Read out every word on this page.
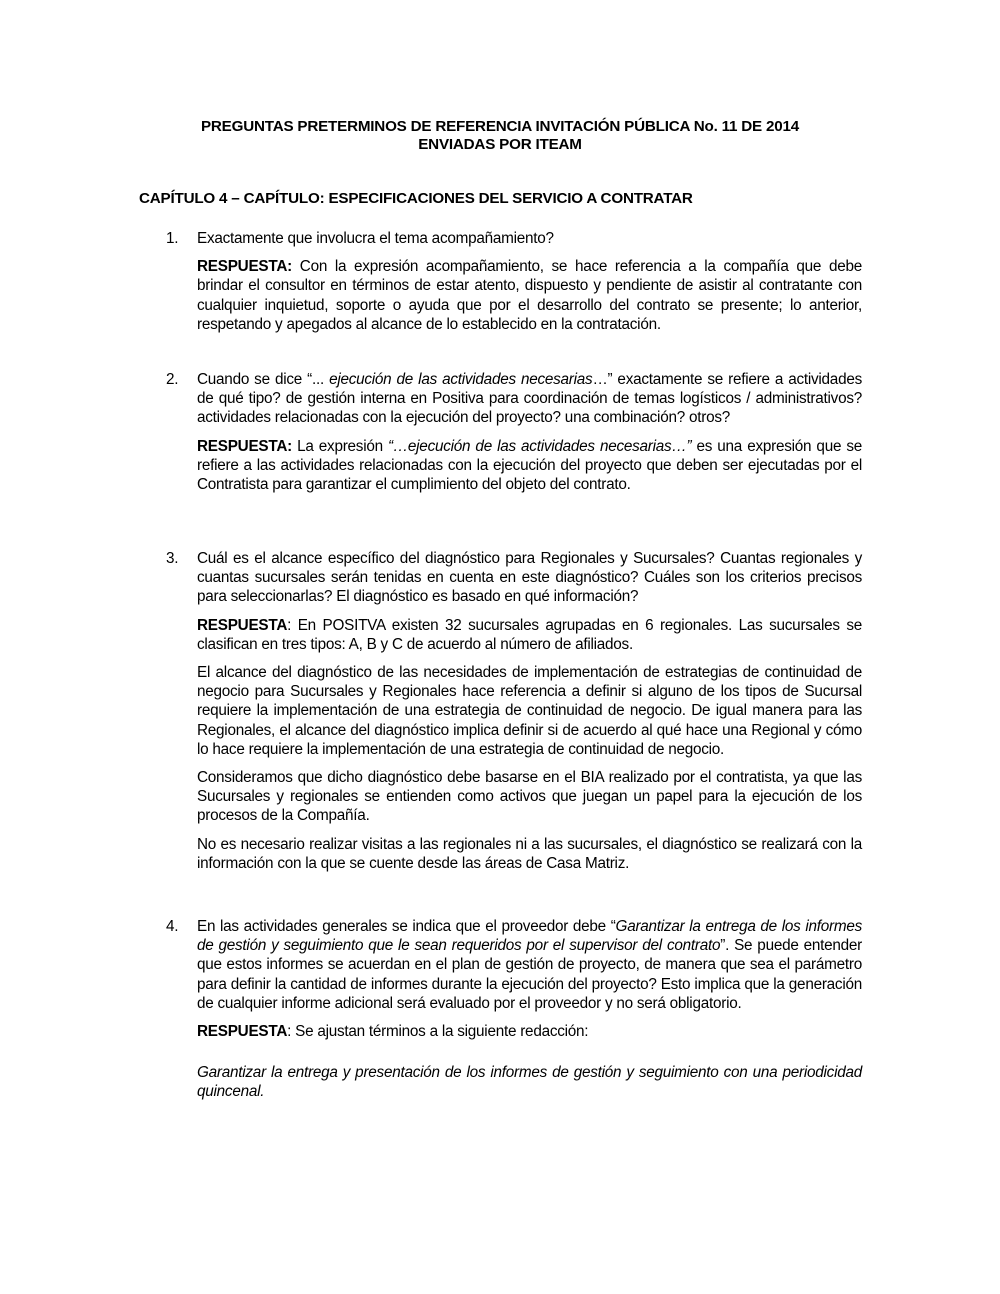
PREGUNTAS PRETERMINOS DE REFERENCIA INVITACIÓN PÚBLICA No. 11 DE 2014
ENVIADAS POR ITEAM
CAPÍTULO 4 – CAPÍTULO: ESPECIFICACIONES DEL SERVICIO A CONTRATAR
1.	Exactamente que involucra el tema acompañamiento?

RESPUESTA: Con la expresión acompañamiento, se hace referencia a la compañía que debe brindar el consultor en términos de estar atento, dispuesto y pendiente de asistir al contratante con cualquier inquietud, soporte o ayuda que por el desarrollo del contrato se presente; lo anterior, respetando y apegados al alcance de lo establecido en la contratación.

2.	Cuando se dice “... ejecución de las actividades necesarias…” exactamente se refiere a actividades de qué tipo? de gestión interna en Positiva para coordinación de temas logísticos / administrativos? actividades relacionadas con la ejecución del proyecto? una combinación? otros?

RESPUESTA: La expresión “…ejecución de las actividades necesarias…” es una expresión que se refiere a las actividades relacionadas con la ejecución del proyecto que deben ser ejecutadas por el Contratista para garantizar el cumplimiento del objeto del contrato.

3.	Cuál es el alcance específico del diagnóstico para Regionales y Sucursales? Cuantas regionales y cuantas sucursales serán tenidas en cuenta en este diagnóstico? Cuáles son los criterios precisos para seleccionarlas? El diagnóstico es basado en qué información?

RESPUESTA: En POSITVA existen 32 sucursales agrupadas en 6 regionales. Las sucursales se clasifican en tres tipos: A, B y C de acuerdo al número de afiliados.

El alcance del diagnóstico de las necesidades de implementación de estrategias de continuidad de negocio para Sucursales y Regionales hace referencia a definir si alguno de los tipos de Sucursal requiere la implementación de una estrategia de continuidad de negocio. De igual manera para las Regionales, el alcance del diagnóstico implica definir si de acuerdo al qué hace una Regional y cómo lo hace requiere la implementación de una estrategia de continuidad de negocio.

Consideramos que dicho diagnóstico debe basarse en el BIA realizado por el contratista, ya que las Sucursales y regionales se entienden como activos que juegan un papel para la ejecución de los procesos de la Compañía.

No es necesario realizar visitas a las regionales ni a las sucursales, el diagnóstico se realizará con la información con la que se cuente desde las áreas de Casa Matriz.

4.	En las actividades generales se indica que el proveedor debe “Garantizar la entrega de los informes de gestión y seguimiento que le sean requeridos por el supervisor del contrato”. Se puede entender que estos informes se acuerdan en el plan de gestión de proyecto, de manera que sea el parámetro para definir la cantidad de informes durante la ejecución del proyecto? Esto implica que la generación de cualquier informe adicional será evaluado por el proveedor y no será obligatorio.

RESPUESTA: Se ajustan términos a la siguiente redacción:

Garantizar la entrega y presentación de los informes de gestión y seguimiento con una periodicidad quincenal.
